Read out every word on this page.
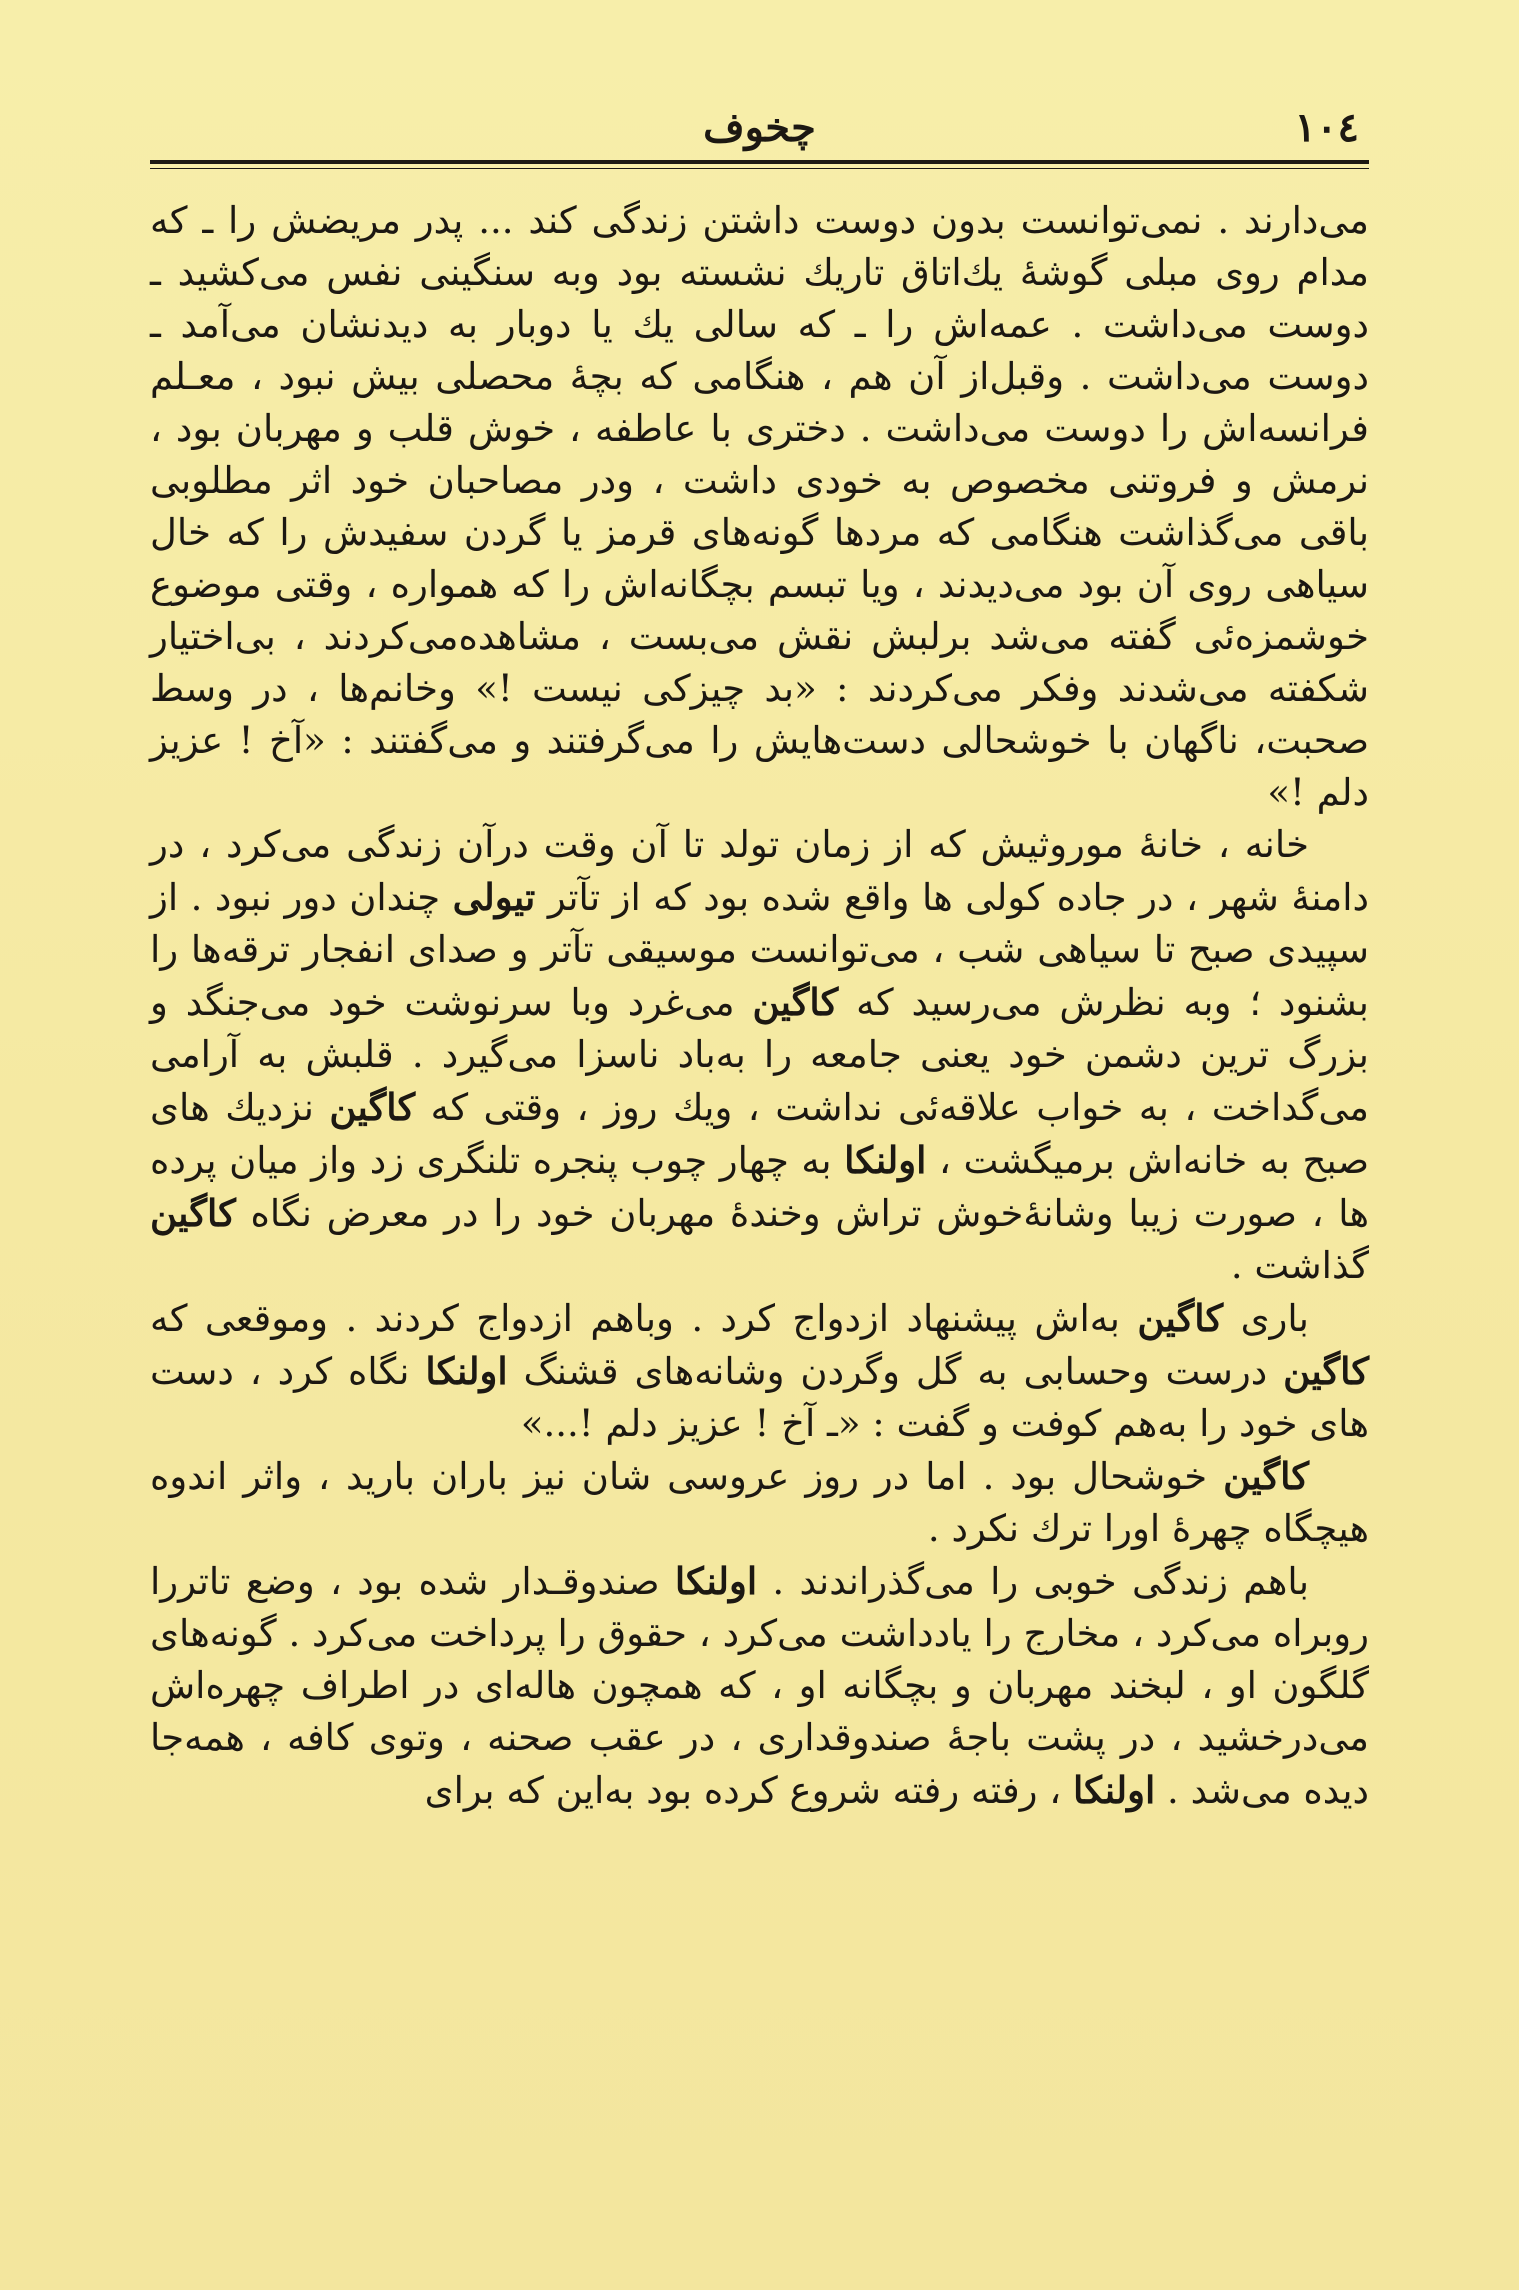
۱۰٤
چخوف

می‌دارند . نمی‌توانست بدون دوست داشتن زندگی کند ... پدر مریضش را ـ که مدام روی مبلی گوشهٔ یك‌اتاق تاریك نشسته بود وبه سنگینی نفس می‌کشید ـ دوست می‌داشت . عمه‌اش را ـ که سالی یك یا دوبار به دیدنشان می‌آمد ـ دوست می‌داشت . وقبل‌از آن هم ، هنگامی که بچهٔ محصلی بیش نبود ، معـلم فرانسه‌اش را دوست می‌داشت . دختری با عاطفه ، خوش قلب و مهربان بود ، نرمش و فروتنی مخصوص به خودی داشت ، ودر مصاحبان خود اثر مطلوبی باقی می‌گذاشت هنگامی که مردها گونه‌های قرمز یا گردن سفیدش را که خال سیاهی روی آن بود می‌دیدند ، ویا تبسم بچگانه‌اش را که همواره ، وقتی موضوع خوشمزه‌ئی گفته می‌شد برلبش نقش می‌بست ، مشاهده‌می‌کردند ، بی‌اختیار شکفته می‌شدند وفکر می‌کردند : «بد چیزکی نیست !» وخانم‌ها ، در وسط صحبت، ناگهان با خوشحالی دست‌هایش را می‌گرفتند و می‌گفتند : «آخ ! عزیز دلم !»

خانه ، خانهٔ موروثیش که از زمان تولد تا آن وقت درآن زندگی می‌کرد ، در دامنهٔ شهر ، در جاده کولی ها واقع شده بود که از تآتر تیولی چندان دور نبود . از سپیدی صبح تا سیاهی شب ، می‌توانست موسیقی تآتر و صدای انفجار ترقه‌ها را بشنود ؛ وبه نظرش می‌رسید که کاگین می‌غرد وبا سرنوشت خود می‌جنگد و بزرگ ترین دشمن خود یعنی جامعه را به‌باد ناسزا می‌گیرد . قلبش به آرامی می‌گداخت ، به خواب علاقه‌ئی نداشت ، ویك روز ، وقتی که کاگین نزدیك های صبح به خانه‌اش برمیگشت ، اولنکا به چهار چوب پنجره تلنگری زد واز میان پرده ها ، صورت زیبا وشانهٔ‌خوش تراش وخندهٔ مهربان خود را در معرض نگاه کاگین گذاشت .

باری کاگین به‌اش پیشنهاد ازدواج کرد . وباهم ازدواج کردند . وموقعی که کاگین درست وحسابی به گل وگردن وشانه‌های قشنگ اولنکا نگاه کرد ، دست های خود را به‌هم کوفت و گفت : «ـ آخ ! عزیز دلم !...»

کاگین خوشحال بود . اما در روز عروسی شان نیز باران بارید ، واثر اندوه هیچگاه چهرهٔ اورا ترك نکرد .

باهم زندگی خوبی را می‌گذراندند . اولنکا صندوقـدار شده بود ، وضع تاتررا روبراه می‌کرد ، مخارج را یادداشت می‌کرد ، حقوق را پرداخت می‌کرد . گونه‌های گلگون او ، لبخند مهربان و بچگانه او ، که همچون هاله‌ای در اطراف چهره‌اش می‌درخشید ، در پشت باجهٔ صندوقداری ، در عقب صحنه ، وتوی کافه ، همه‌جا دیده می‌شد . اولنکا ، رفته رفته شروع کرده بود به‌این که برای
